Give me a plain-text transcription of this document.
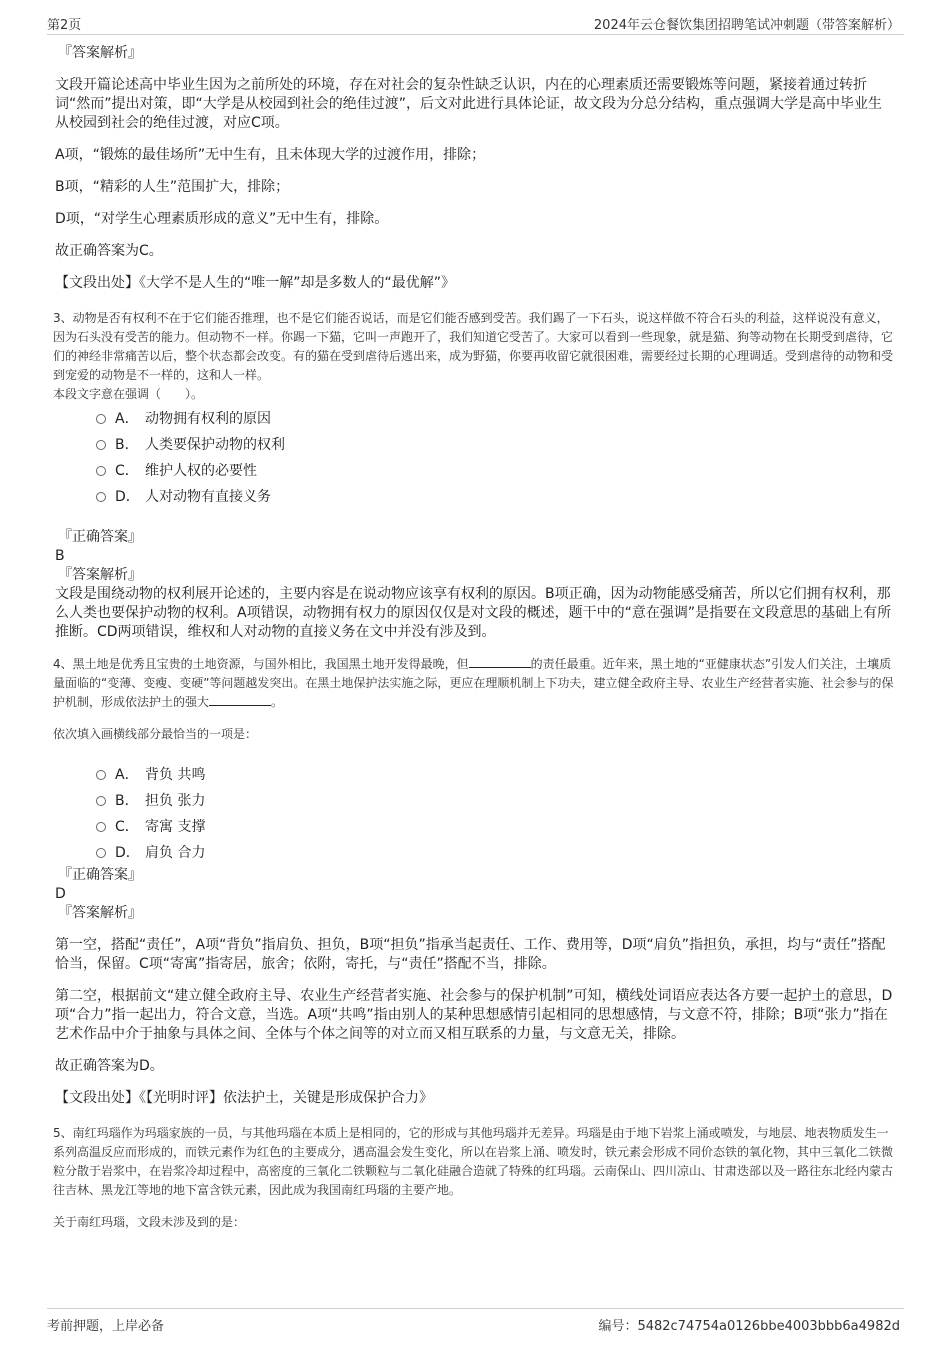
第2页	2024年云仓餐饮集团招聘笔试冲刺题（带答案解析）

『答案解析』

文段开篇论述高中毕业生因为之前所处的环境，存在对社会的复杂性缺乏认识，内在的心理素质还需要锻炼等问题，紧接着通过转折词“然而”提出对策，即“大学是从校园到社会的绝佳过渡”，后文对此进行具体论证，故文段为分总分结构，重点强调大学是高中毕业生从校园到社会的绝佳过渡，对应C项。

A项，“锻炼的最佳场所”无中生有，且未体现大学的过渡作用，排除；

B项，“精彩的人生”范围扩大，排除；

D项，“对学生心理素质形成的意义”无中生有，排除。

故正确答案为C。

【文段出处】《大学不是人生的“唯一解”却是多数人的“最优解”》

3、动物是否有权利不在于它们能否推理，也不是它们能否说话，而是它们能否感到受苦。我们踢了一下石头，说这样做不符合石头的利益，这样说没有意义，因为石头没有受苦的能力。但动物不一样。你踢一下猫，它叫一声跑开了，我们知道它受苦了。大家可以看到一些现象，就是猫、狗等动物在长期受到虐待，它们的神经非常痛苦以后，整个状态都会改变。有的猫在受到虐待后逃出来，成为野猫，你要再收留它就很困难，需要经过长期的心理调适。受到虐待的动物和受到宠爱的动物是不一样的，这和人一样。

本段文字意在强调（　　）。

A． 动物拥有权利的原因
B． 人类要保护动物的权利
C． 维护人权的必要性
D． 人对动物有直接义务

『正确答案』

B

『答案解析』

文段是围绕动物的权利展开论述的，主要内容是在说动物应该享有权利的原因。B项正确，因为动物能感受痛苦，所以它们拥有权利，那么人类也要保护动物的权利。A项错误，动物拥有权力的原因仅仅是对文段的概述，题干中的“意在强调”是指要在文段意思的基础上有所推断。CD两项错误，维权和人对动物的直接义务在文中并没有涉及到。

4、黑土地是优秀且宝贵的土地资源，与国外相比，我国黑土地开发得最晚，但	的责任最重。近年来，黑土地的“亚健康状态”引发人们关注，土壤质量面临的“变薄、变瘦、变硬”等问题越发突出。在黑土地保护法实施之际，更应在理顺机制上下功夫，建立健全政府主导、农业生产经营者实施、社会参与的保护机制，形成依法护土的强大	。

依次填入画横线部分最恰当的一项是：

A． 背负 共鸣
B． 担负 张力
C． 寄寓 支撑
D． 肩负 合力

『正确答案』

D

『答案解析』

第一空，搭配“责任”，A项“背负”指肩负、担负，B项“担负”指承当起责任、工作、费用等，D项“肩负”指担负，承担，均与“责任”搭配恰当，保留。C项“寄寓”指寄居，旅舍；依附，寄托，与“责任”搭配不当，排除。

第二空，根据前文“建立健全政府主导、农业生产经营者实施、社会参与的保护机制”可知，横线处词语应表达各方要一起护土的意思，D项“合力”指一起出力，符合文意，当选。A项“共鸣”指由别人的某种思想感情引起相同的思想感情，与文意不符，排除；B项“张力”指在艺术作品中介于抽象与具体之间、全体与个体之间等的对立而又相互联系的力量，与文意无关，排除。

故正确答案为D。

【文段出处】《【光明时评】依法护土，关键是形成保护合力》

5、南红玛瑙作为玛瑙家族的一员，与其他玛瑙在本质上是相同的，它的形成与其他玛瑙并无差异。玛瑙是由于地下岩浆上涌或喷发，与地层、地表物质发生一系列高温反应而形成的，而铁元素作为红色的主要成分，遇高温会发生变化，所以在岩浆上涌、喷发时，铁元素会形成不同价态铁的氧化物，其中三氧化二铁微粒分散于岩浆中，在岩浆冷却过程中，高密度的三氧化二铁颗粒与二氧化硅融合造就了特殊的红玛瑙。云南保山、四川凉山、甘肃迭部以及一路往东北经内蒙古往吉林、黑龙江等地的地下富含铁元素，因此成为我国南红玛瑙的主要产地。

关于南红玛瑙，文段未涉及到的是：

考前押题，上岸必备	编号：5482c74754a0126bbe4003bbb6a4982d
